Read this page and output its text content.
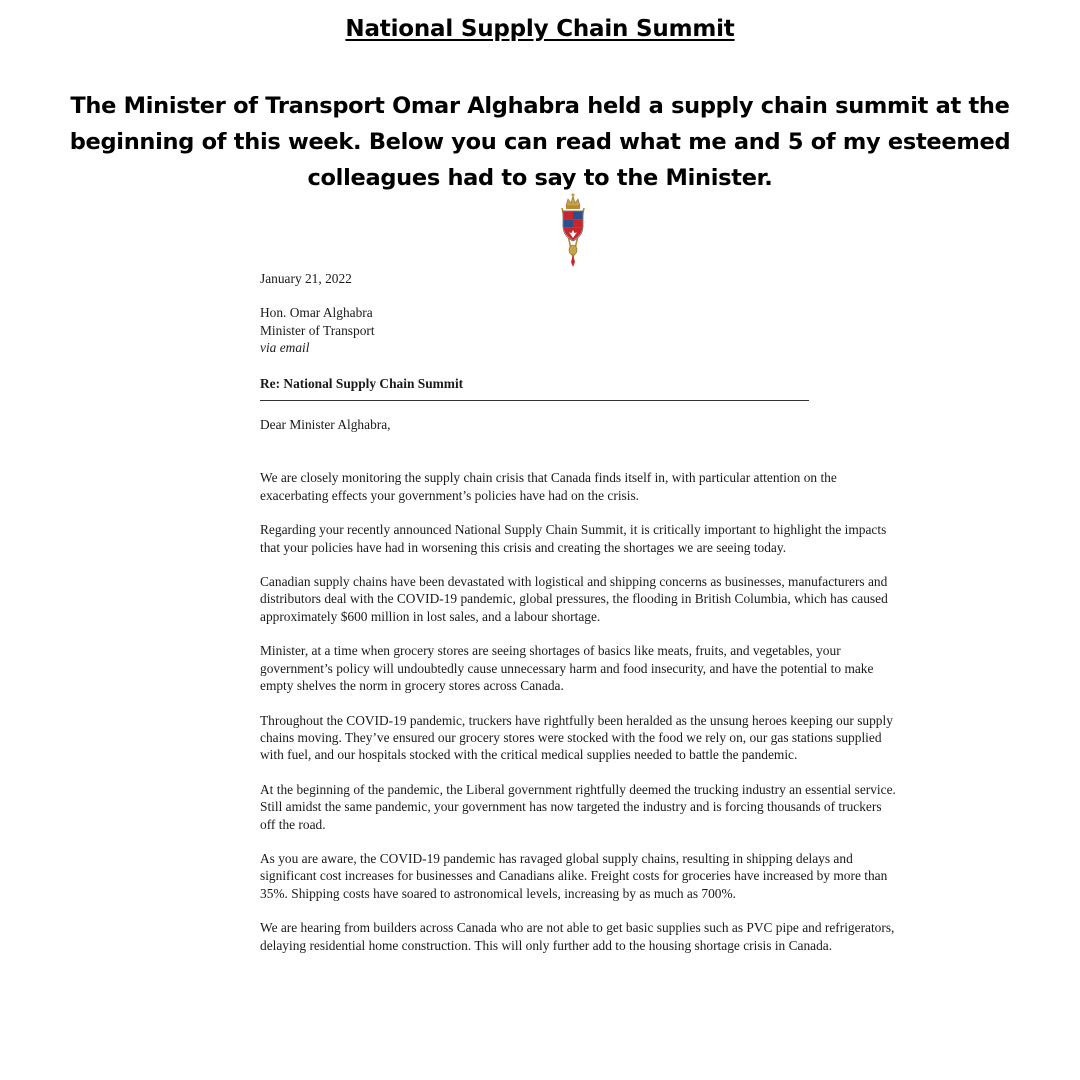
National Supply Chain Summit
The Minister of Transport Omar Alghabra held a supply chain summit at the beginning of this week. Below you can read what me and 5 of my esteemed colleagues had to say to the Minister.

January 21, 2022

Hon. Omar Alghabra

Minister of Transport

via email

Re: National Supply Chain Summit

Dear Minister Alghabra,

We are closely monitoring the supply chain crisis that Canada finds itself in, with particular attention on the exacerbating effects your government’s policies have had on the crisis.

Regarding your recently announced National Supply Chain Summit, it is critically important to highlight the impacts that your policies have had in worsening this crisis and creating the shortages we are seeing today.

Canadian supply chains have been devastated with logistical and shipping concerns as businesses, manufacturers and distributors deal with the COVID-19 pandemic, global pressures, the flooding in British Columbia, which has caused approximately $600 million in lost sales, and a labour shortage.

Minister, at a time when grocery stores are seeing shortages of basics like meats, fruits, and vegetables, your government’s policy will undoubtedly cause unnecessary harm and food insecurity, and have the potential to make empty shelves the norm in grocery stores across Canada.

Throughout the COVID-19 pandemic, truckers have rightfully been heralded as the unsung heroes keeping our supply chains moving. They’ve ensured our grocery stores were stocked with the food we rely on, our gas stations supplied with fuel, and our hospitals stocked with the critical medical supplies needed to battle the pandemic.

At the beginning of the pandemic, the Liberal government rightfully deemed the trucking industry an essential service. Still amidst the same pandemic, your government has now targeted the industry and is forcing thousands of truckers off the road.

As you are aware, the COVID-19 pandemic has ravaged global supply chains, resulting in shipping delays and significant cost increases for businesses and Canadians alike. Freight costs for groceries have increased by more than 35%. Shipping costs have soared to astronomical levels, increasing by as much as 700%.

We are hearing from builders across Canada who are not able to get basic supplies such as PVC pipe and refrigerators, delaying residential home construction. This will only further add to the housing shortage crisis in Canada.
